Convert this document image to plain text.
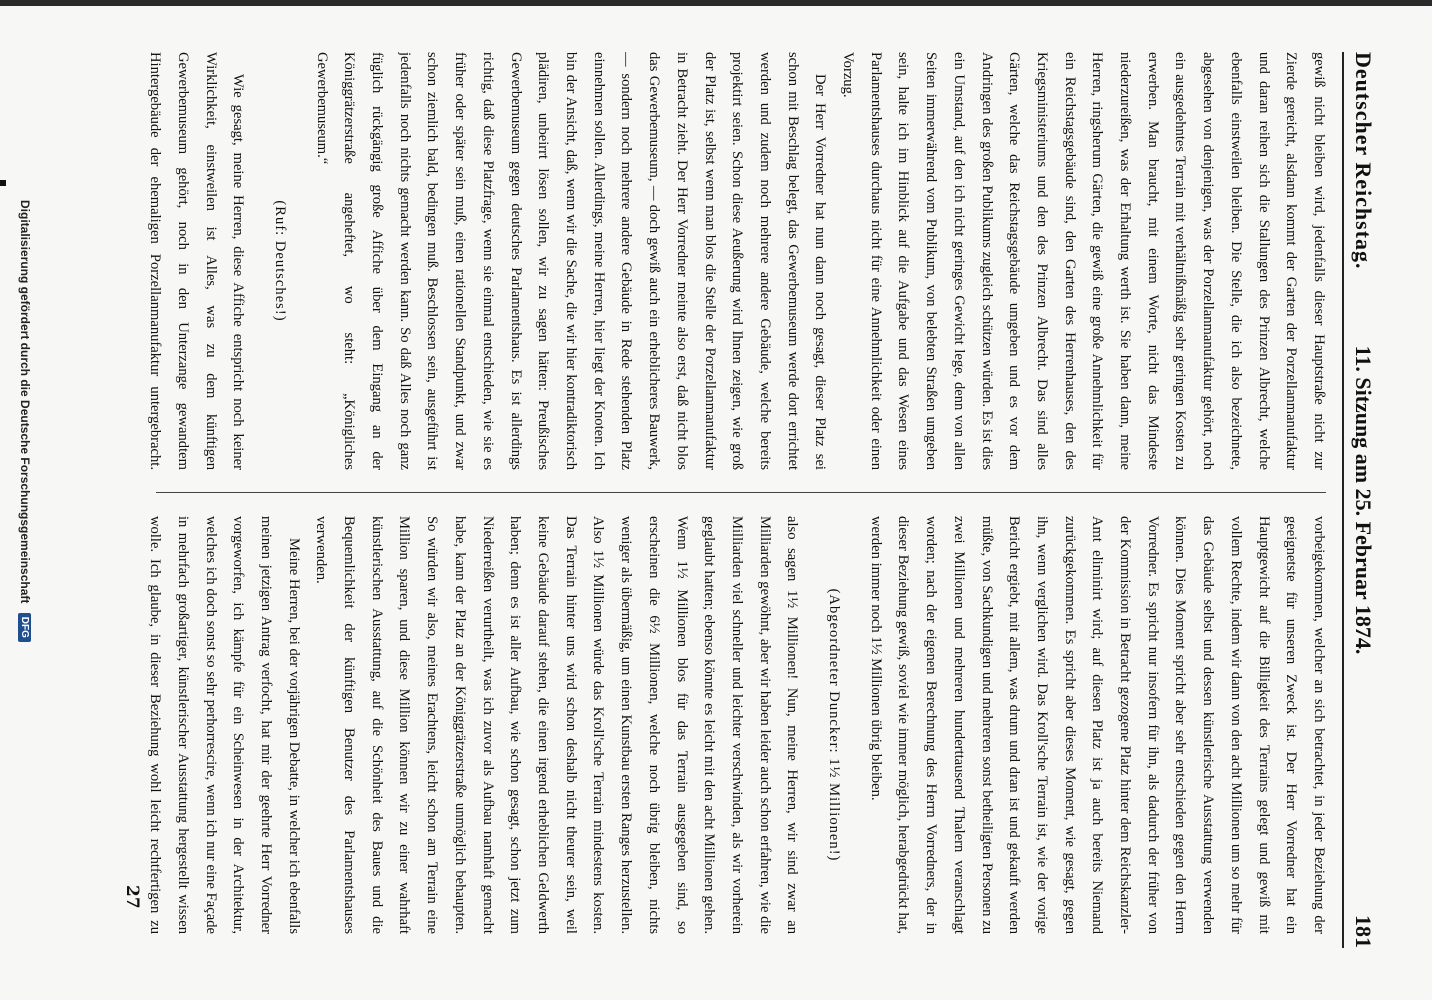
Deutscher Reichstag.
11. Sitzung am 25. Februar 1874.
181

gewiß nicht bleiben wird, jedenfalls dieser Hauptstraße nicht zur Zierde gereicht, alsdann kommt der Garten der Porzellanmanufaktur und daran reihen sich die Stallungen des Prinzen Albrecht, welche ebenfalls einstweilen bleiben. Die Stelle, die ich also bezeichnete, abgesehen von denjenigen, was der Porzellanmanufaktur gehört, noch ein ausgedehntes Terrain mit verhältnißmäßig sehr geringen Kosten zu erwerben. Man braucht, mit einem Worte, nicht das Mindeste niederzureißen, was der Erhaltung werth ist. Sie haben dann, meine Herren, ringsherum Gärten, die gewiß eine große Annehmlichkeit für ein Reichstagsgebäude sind, den Garten des Herrenhauses, den des Kriegsministeriums und den des Prinzen Albrecht. Das sind alles Gärten, welche das Reichstagsgebäude umgeben und es vor dem Andringen des großen Publikums zugleich schützen würden. Es ist dies ein Umstand, auf den ich nicht geringes Gewicht lege, denn von allen Seiten immerwährend vom Publikum, von belebten Straßen umgeben sein, halte ich im Hinblick auf die Aufgabe und das Wesen eines Parlamentshauses durchaus nicht für eine Annehmlichkeit oder einen Vorzug.

Der Herr Vorredner hat nun dann noch gesagt, dieser Platz sei schon mit Beschlag belegt, das Gewerbemuseum werde dort errichtet werden und zudem noch mehrere andere Gebäude, welche bereits projektirt seien. Schon diese Aeußerung wird Ihnen zeigen, wie groß der Platz ist, selbst wenn man blos die Stelle der Porzellanmanufaktur in Betracht zieht. Der Herr Vorredner meinte also erst, daß nicht blos das Gewerbemuseum, — doch gewiß auch ein erheblicheres Bauwerk, — sondern noch mehrere andere Gebäude in Rede stehenden Platz einnehmen sollen. Allerdings, meine Herren, hier liegt der Knoten. Ich bin der Ansicht, daß, wenn wir die Sache, die wir hier kontradiktorisch plädiren, unbeirrt lösen sollen, wir zu sagen hätten: Preußisches Gewerbemuseum gegen deutsches Parlamentshaus. Es ist allerdings richtig, daß diese Platzfrage, wenn sie einmal entschieden, wie sie es früher oder später sein muß, einen rationellen Standpunkt, und zwar schon ziemlich bald, bedingen muß. Beschlossen sein, ausgeführt ist jedenfalls noch nichts gemacht werden kann. So daß Alles noch ganz füglich rückgängig große Affiche über dem Eingang an der Königgrätzerstraße angeheftet, wo steht: „Königliches Gewerbemuseum.“

(Ruf: Deutsches!)

Wie gesagt, meine Herren, diese Affiche entspricht noch keiner Wirklichkeit, einstweilen ist Alles, was zu dem künftigen Gewerbemuseum gehört, noch in den Unterzange gewandtem Hintergebäude der ehemaligen Porzellanmanufaktur untergebracht.

vorbeigekommen, welcher an sich betrachtet, in jeder Beziehung der geeignetste für unseren Zweck ist. Der Herr Vorredner hat ein Hauptgewicht auf die Billigkeit des Terrains gelegt und gewiß mit vollem Rechte, indem wir dann von den acht Millionen um so mehr für das Gebäude selbst und dessen künstlerische Ausstattung verwenden können. Dies Moment spricht aber sehr entschieden gegen den Herrn Vorredner. Es spricht nur insofern für ihn, als dadurch der früher von der Kommission in Betracht gezogene Platz hinter dem Reichskanzler-Amt eliminirt wird; auf diesen Platz ist ja auch bereits Niemand zurückgekommen. Es spricht aber dieses Moment, wie gesagt, gegen ihn, wenn verglichen wird. Das Kroll'sche Terrain ist, wie der vorige Bericht ergiebt, mit allem, was drum und dran ist und gekauft werden müßte, von Sachkundigen und mehreren sonst betheiligten Personen zu zwei Millionen und mehreren hunderttausend Thalern veranschlagt worden; nach der eigenen Berechnung des Herrn Vorredners, der in dieser Beziehung gewiß, soviel wie immer möglich, herabgedrückt hat, werden immer noch 1½ Millionen übrig bleiben.

(Abgeordneter Duncker: 1½ Millionen!)

also sagen 1½ Millionen! Nun, meine Herren, wir sind zwar an Milliarden gewöhnt, aber wir haben leider auch schon erfahren, wie die Milliarden viel schneller und leichter verschwinden, als wir vorherein geglaubt hatten; ebenso könnte es leicht mit den acht Millionen gehen. Wenn 1½ Millionen blos für das Terrain ausgegeben sind, so erscheinen die 6½ Millionen, welche noch übrig bleiben, nichts weniger als übermäßig, um einen Kunstbau ersten Ranges herzustellen. Also 1½ Millionen würde das Kroll'sche Terrain mindestens kosten. Das Terrain hinter uns wird schon deshalb nicht theurer sein, weil keine Gebäude darauf stehen, die einen irgend erheblichen Geldwerth haben; denn es ist aller Aufbau, wie schon gesagt, schon jetzt zum Niederreißen verurtheilt, was ich zuvor als Aufbau namhaft gemacht habe, kann der Platz an der Königgrätzerstraße unmöglich behaupten. So würden wir also, meines Erachtens, leicht schon am Terrain eine Million sparen, und diese Million können wir zu einer wahrhaft künstlerischen Ausstattung, auf die Schönheit des Baues und die Bequemlichkeit der künftigen Benutzer des Parlamentshauses verwenden.

Meine Herren, bei der vorjährigen Debatte, in welcher ich ebenfalls meinen jetzigen Antrag verfocht, hat mir der geehrte Herr Vorredner vorgeworfen, ich kämpfe für ein Scheinwesen in der Architektur, welches ich doch sonst so sehr perhorrescire, wenn ich nur eine Façade in mehrfach großartiger, künstlerischer Ausstattung hergestellt wissen wolle. Ich glaube, in dieser Beziehung wohl leicht rechtfertigen zu

27
Digitalisierung gefördert durch die Deutsche Forschungsgemeinschaft DFG
